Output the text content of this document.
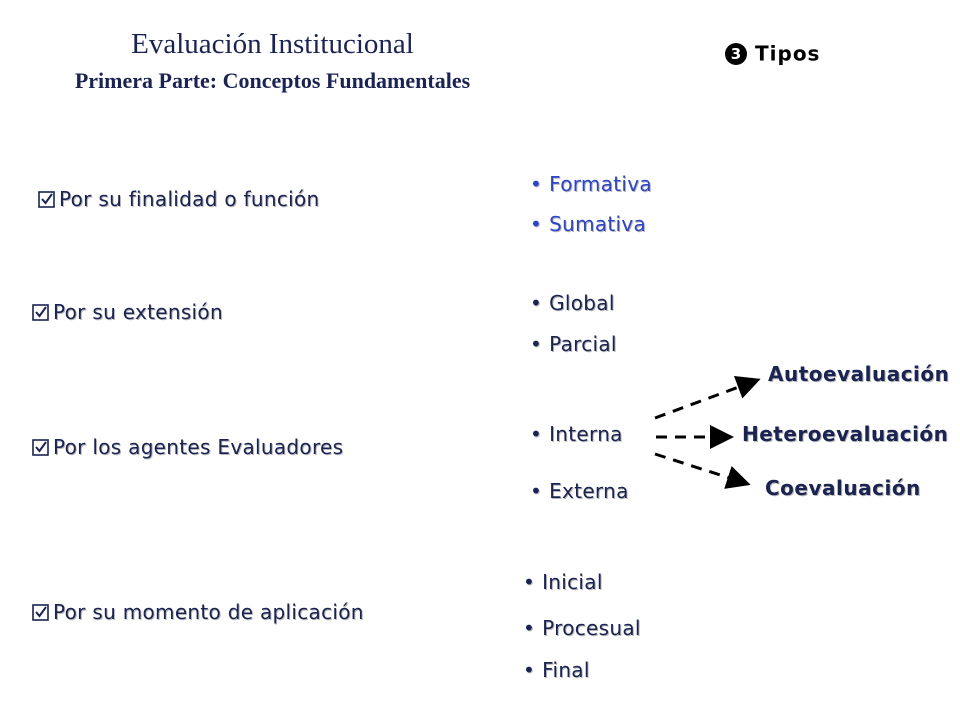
Evaluación Institucional
Primera Parte: Conceptos Fundamentales
3 Tipos
Por su finalidad o función
Por su extensión
Por los agentes Evaluadores
Por su momento de aplicación
• Formativa
• Sumativa
• Global
• Parcial
• Interna
• Externa
• Inicial
• Procesual
• Final
Autoevaluación
Heteroevaluación
Coevaluación
